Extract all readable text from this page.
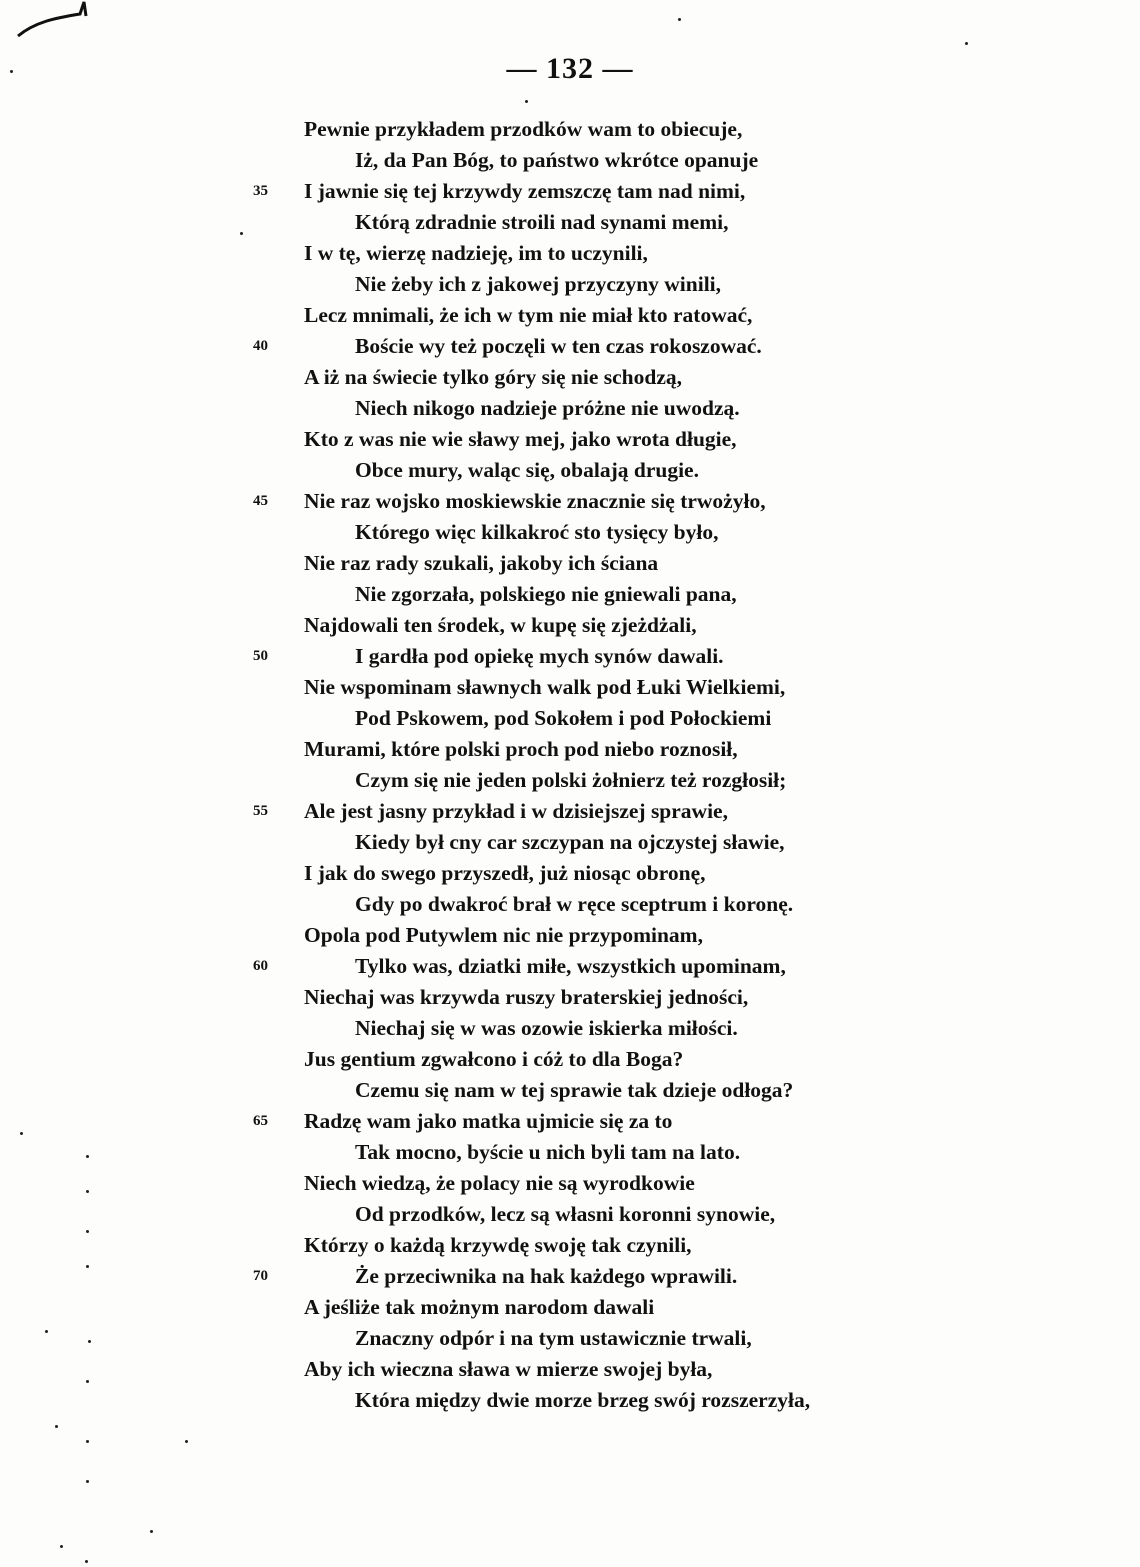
— 132 —
Pewnie przykładem przodków wam to obiecuje,
Iż, da Pan Bóg, to państwo wkrótce opanuje
I jawnie się tej krzywdy zemszczę tam nad nimi,
35
Którą zdradnie stroili nad synami memi,
I w tę, wierzę nadzieję, im to uczynili,
Nie żeby ich z jakowej przyczyny winili,
Lecz mnimali, że ich w tym nie miał kto ratować,
Boście wy też poczęli w ten czas rokoszować.
40
A iż na świecie tylko góry się nie schodzą,
Niech nikogo nadzieje próżne nie uwodzą.
Kto z was nie wie sławy mej, jako wrota długie,
Obce mury, waląc się, obalają drugie.
Nie raz wojsko moskiewskie znacznie się trwożyło,
45
Którego więc kilkakroć sto tysięcy było,
Nie raz rady szukali, jakoby ich ściana
Nie zgorzała, polskiego nie gniewali pana,
Najdowali ten środek, w kupę się zjeżdżali,
I gardła pod opiekę mych synów dawali.
50
Nie wspominam sławnych walk pod Łuki Wielkiemi,
Pod Pskowem, pod Sokołem i pod Połockiemi
Murami, które polski proch pod niebo roznosił,
Czym się nie jeden polski żołnierz też rozgłosił;
Ale jest jasny przykład i w dzisiejszej sprawie,
55
Kiedy był cny car szczypan na ojczystej sławie,
I jak do swego przyszedł, już niosąc obronę,
Gdy po dwakroć brał w ręce sceptrum i koronę.
Opola pod Putywlem nic nie przypominam,
Tylko was, dziatki miłe, wszystkich upominam,
60
Niechaj was krzywda ruszy braterskiej jedności,
Niechaj się w was ozowie iskierka miłości.
Jus gentium zgwałcono i cóż to dla Boga?
Czemu się nam w tej sprawie tak dzieje odłoga?
Radzę wam jako matka ujmicie się za to
65
Tak mocno, byście u nich byli tam na lato.
Niech wiedzą, że polacy nie są wyrodkowie
Od przodków, lecz są własni koronni synowie,
Którzy o każdą krzywdę swoję tak czynili,
Że przeciwnika na hak każdego wprawili.
70
A jeśliże tak możnym narodom dawali
Znaczny odpór i na tym ustawicznie trwali,
Aby ich wieczna sława w mierze swojej była,
Która między dwie morze brzeg swój rozszerzyła,
